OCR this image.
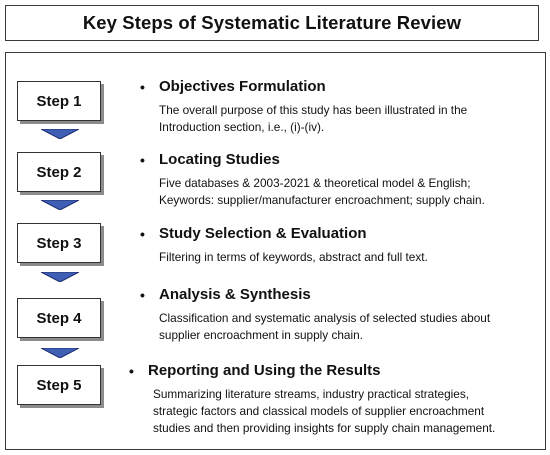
Key Steps of Systematic Literature Review
Step 1
Step 2
Step 3
Step 4
Step 5
• Objectives Formulation
The overall purpose of this study has been illustrated in the
Introduction section, i.e., (i)-(iv).
• Locating Studies
Five databases & 2003-2021 & theoretical model & English;
Keywords: supplier/manufacturer encroachment; supply chain.
• Study Selection & Evaluation
Filtering in terms of keywords, abstract and full text.
• Analysis & Synthesis
Classification and systematic analysis of selected studies about
supplier encroachment in supply chain.
• Reporting and Using the Results
Summarizing literature streams, industry practical strategies,
strategic factors and classical models of supplier encroachment
studies and then providing insights for supply chain management.
